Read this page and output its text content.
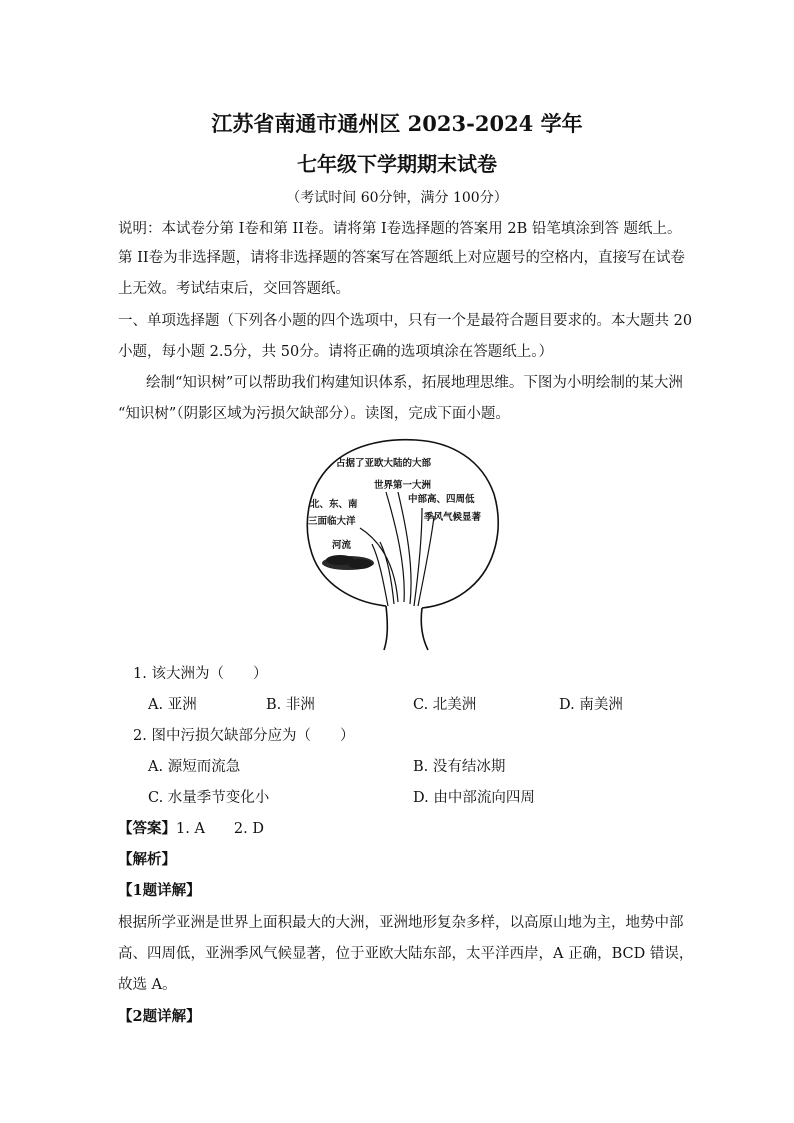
江苏省南通市通州区 2023-2024 学年
七年级下学期期末试卷
（考试时间 60分钟，满分 100分）
说明：本试卷分第 I卷和第 II卷。请将第 I卷选择题的答案用 2B 铅笔填涂到答 题纸上。
第 II卷为非选择题，请将非选择题的答案写在答题纸上对应题号的空格内，直接写在试卷
上无效。考试结束后，交回答题纸。
一、单项选择题（下列各小题的四个选项中，只有一个是最符合题目要求的。本大题共 20
小题，每小题 2.5分，共 50分。请将正确的选项填涂在答题纸上。）
绘制“知识树”可以帮助我们构建知识体系，拓展地理思维。下图为小明绘制的某大洲
“知识树”（阴影区域为污损欠缺部分）。读图，完成下面小题。
占据了亚欧大陆的大部
世界第一大洲
中部高、四周低
季风气候显著
北、东、南
三面临大洋
河流
1. 该大洲为（　　）
A. 亚洲	B. 非洲	C. 北美洲	D. 南美洲
2. 图中污损欠缺部分应为（　　）
A. 源短而流急	B. 没有结冰期
C. 水量季节变化小	D. 由中部流向四周
【答案】1. A　　2. D
【解析】
【1题详解】
根据所学亚洲是世界上面积最大的大洲，亚洲地形复杂多样，以高原山地为主，地势中部
高、四周低，亚洲季风气候显著，位于亚欧大陆东部，太平洋西岸，A 正确，BCD 错误，
故选 A。
【2题详解】
